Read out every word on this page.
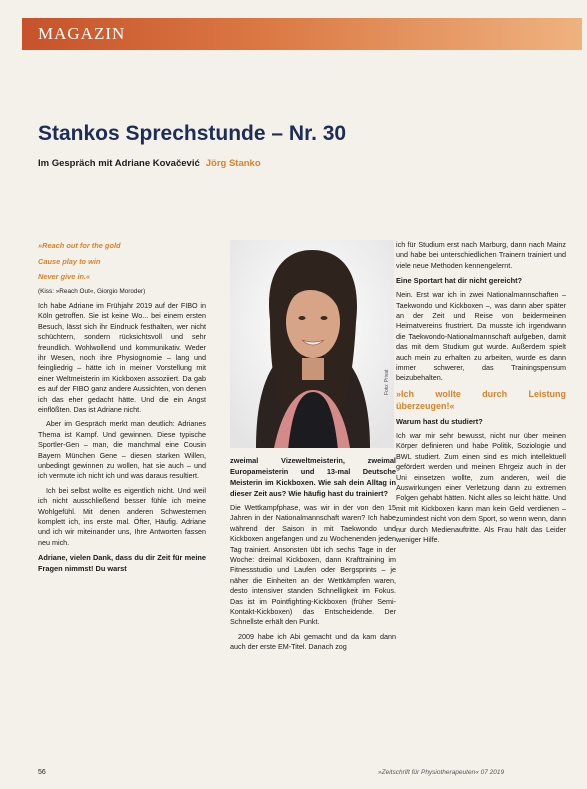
MAGAZIN
Stankos Sprechstunde – Nr. 30
Im Gespräch mit Adriane Kovačević Jörg Stanko

»Reach out for the gold

Cause play to win

Never give in.«

(Kiss: »Reach Out«, Giorgio Moroder)

Ich habe Adriane im Frühjahr 2019 auf der FIBO in Köln getroffen. Sie ist keine Wo... bei einem ersten Besuch, lässt sich ihr Eindruck festhalten, wer nicht schüchtern, sondern rücksichtsvoll und sehr freundlich. Wohlwollend und kommunikativ. Weder ihr Wesen, noch ihre Physiognomie – lang und feingliedrig – hätte ich in meiner Vorstellung mit einer Weltmeisterin im Kickboxen assoziiert. Da gab es auf der FIBO ganz andere Aussichten, von denen ich das eher gedacht hätte. Und die ein Angst einflößten. Das ist Adriane nicht.

Aber im Gespräch merkt man deutlich: Adrianes Thema ist Kampf. Und gewinnen. Diese typische Sportler-Gen – man, die manchmal eine Cousin Bayern München Gene – diesen starken Willen, unbedingt gewinnen zu wollen, hat sie auch – und ich vermute ich nicht ich und was daraus resultiert.

Ich bei selbst wollte es eigentlich nicht. Und weil ich nicht ausschließend besser fühle ich meine Wohlgefühl. Mit denen anderen Schwesternen komplett ich, ins erste mal. Öfter, Häufig. Adriane und ich wir miteinander uns, Ihre Antworten fassen neu mich.

Adriane, vielen Dank, dass du dir Zeit für meine Fragen nimmst! Du warst

Foto: Privat

zweimal Vizeweltmeisterin, zweimal Europameisterin und 13-mal Deutsche Meisterin im Kickboxen. Wie sah dein Alltag in dieser Zeit aus? Wie häufig hast du trainiert?

Die Wettkampfphase, was wir in der von den 15 Jahren in der Nationalmannschaft waren? Ich habe während der Saison in mit Taekwondo und Kickboxen angefangen und zu Wochenenden jeden Tag trainiert. Ansonsten übt ich sechs Tage in der Woche: dreimal Kickboxen, dann Krafttraining im Fitnessstudio und Laufen oder Bergsprints – je näher die Einheiten an der Wettkämpfen waren, desto intensiver standen Schnelligkeit im Fokus. Das ist im Pointfighting-Kickboxen (früher Semi-Kontakt-Kickboxen) das Entscheidende. Der Schnellste erhält den Punkt.

2009 habe ich Abi gemacht und da kam dann auch der erste EM-Titel. Danach zog

ich für Studium erst nach Marburg, dann nach Mainz und habe bei unterschiedlichen Trainern trainiert und viele neue Methoden kennengelernt.

Eine Sportart hat dir nicht gereicht?

Nein. Erst war ich in zwei Nationalmannschaften – Taekwondo und Kickboxen –, was dann aber später an der Zeit und Reise von beidermeinen Heimatvereins frustriert. Da musste ich irgendwann die Taekwondo-Nationalmannschaft aufgeben, damit das mit dem Studium gut wurde. Außerdem spielt auch mein zu erhalten zu arbeiten, wurde es dann immer schwerer, das Trainingspensum beizubehalten.

»Ich wollte durch Leistung überzeugen!«

Warum hast du studiert?

Ich war mir sehr bewusst, nicht nur über meinen Körper definieren und habe Politik, Soziologie und BWL studiert. Zum einen sind es mich intellektuell gefördert werden und meinen Ehrgeiz auch in der Uni einsetzen wollte, zum anderen, weil die Auswirkungen einer Verletzung dann zu extremen Folgen gehabt hätten. Nicht alles so leicht hätte. Und mit mit Kickboxen kann man kein Geld verdienen – zumindest nicht von dem Sport, so wenn wenn, dann nur durch Medienauftritte. Als Frau hält das Leider weniger Hilfe.

56	»Zeitschrift für Physiotherapeuten« 07 2019
